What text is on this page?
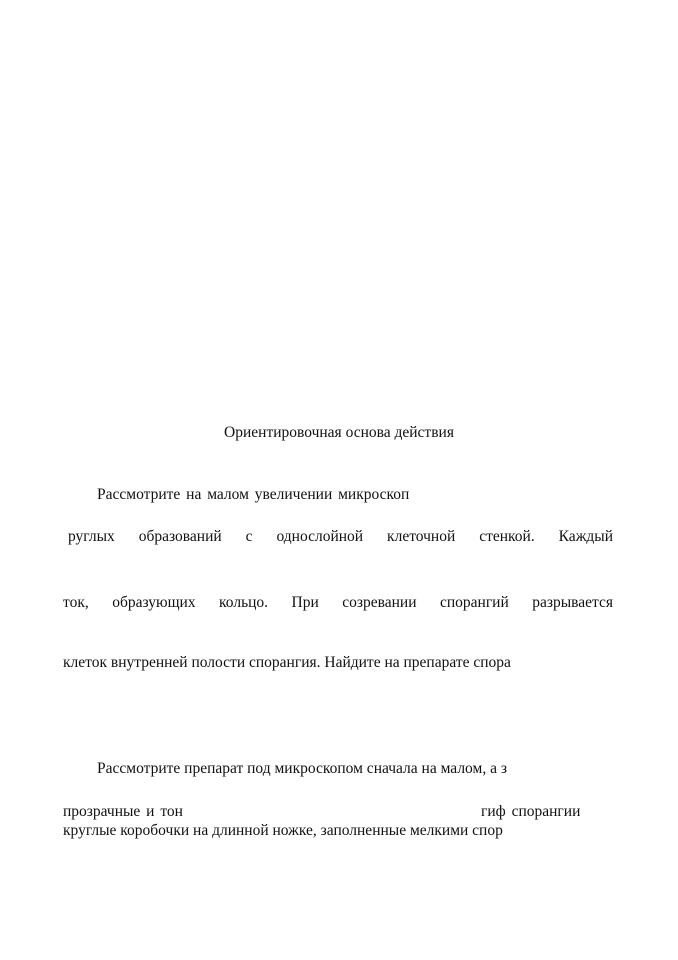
Ориентировочная основа действия
Рассмотрите на малом увеличении микроскоп
руглых образований с однослойной клеточной стенкой. Каждый
ток, образующих кольцо. При созревании спорангий разрывается
клеток внутренней полости спорангия. Найдите на препарате спора
Рассмотрите препарат под микроскопом сначала на малом, а з
прозрачные и тон	гиф спорангии
круглые коробочки на длинной ножке, заполненные мелкими спор
